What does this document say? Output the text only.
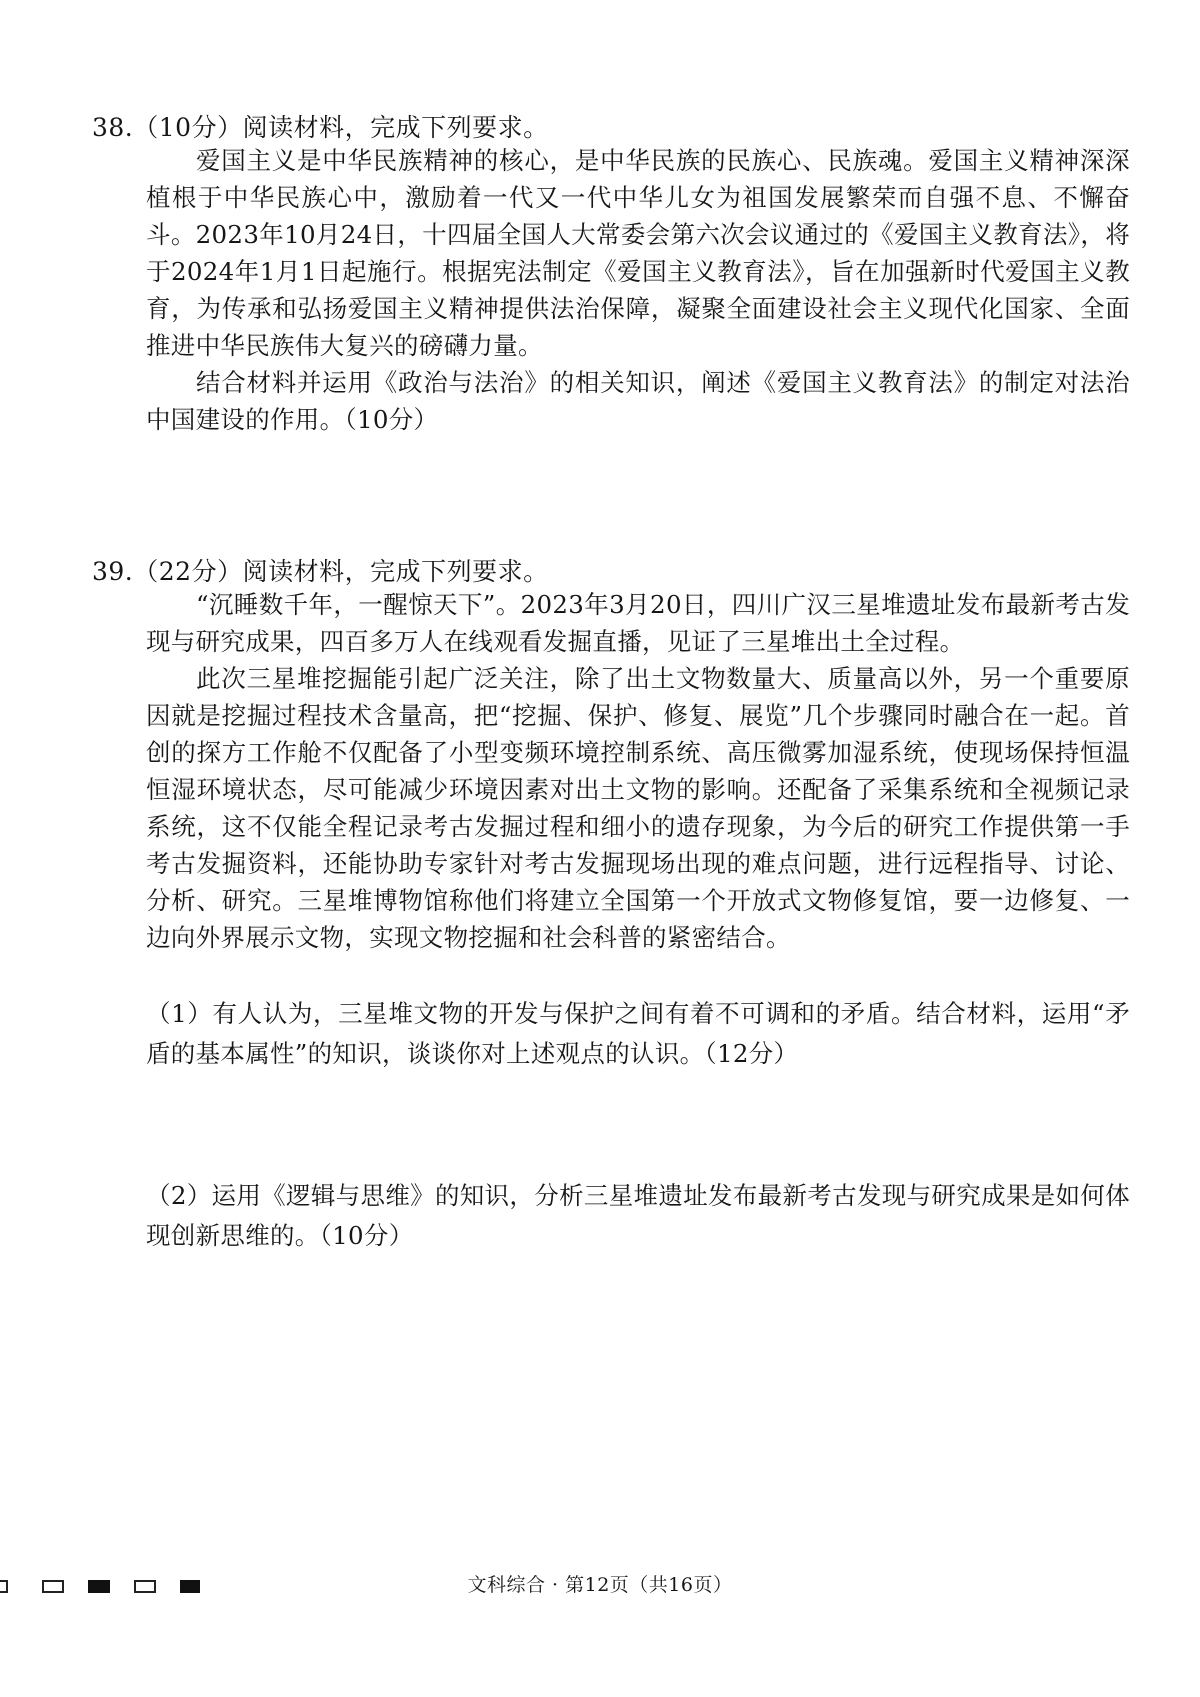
38.（10分）阅读材料，完成下列要求。
爱国主义是中华民族精神的核心，是中华民族的民族心、民族魂。爱国主义精神深深植根于中华民族心中，激励着一代又一代中华儿女为祖国发展繁荣而自强不息、不懈奋斗。2023年10月24日，十四届全国人大常委会第六次会议通过的《爱国主义教育法》，将于2024年1月1日起施行。根据宪法制定《爱国主义教育法》，旨在加强新时代爱国主义教育，为传承和弘扬爱国主义精神提供法治保障，凝聚全面建设社会主义现代化国家、全面推进中华民族伟大复兴的磅礴力量。
结合材料并运用《政治与法治》的相关知识，阐述《爱国主义教育法》的制定对法治中国建设的作用。（10分）
39.（22分）阅读材料，完成下列要求。
“沉睡数千年，一醒惊天下”。2023年3月20日，四川广汉三星堆遗址发布最新考古发现与研究成果，四百多万人在线观看发掘直播，见证了三星堆出土全过程。
此次三星堆挖掘能引起广泛关注，除了出土文物数量大、质量高以外，另一个重要原因就是挖掘过程技术含量高，把“挖掘、保护、修复、展览”几个步骤同时融合在一起。首创的探方工作舱不仅配备了小型变频环境控制系统、高压微雾加湿系统，使现场保持恒温恒湿环境状态，尽可能减少环境因素对出土文物的影响。还配备了采集系统和全视频记录系统，这不仅能全程记录考古发掘过程和细小的遗存现象，为今后的研究工作提供第一手考古发掘资料，还能协助专家针对考古发掘现场出现的难点问题，进行远程指导、讨论、分析、研究。三星堆博物馆称他们将建立全国第一个开放式文物修复馆，要一边修复、一边向外界展示文物，实现文物挖掘和社会科普的紧密结合。
（1）有人认为，三星堆文物的开发与保护之间有着不可调和的矛盾。结合材料，运用“矛盾的基本属性”的知识，谈谈你对上述观点的认识。（12分）
（2）运用《逻辑与思维》的知识，分析三星堆遗址发布最新考古发现与研究成果是如何体现创新思维的。（10分）
文科综合 · 第12页（共16页）
